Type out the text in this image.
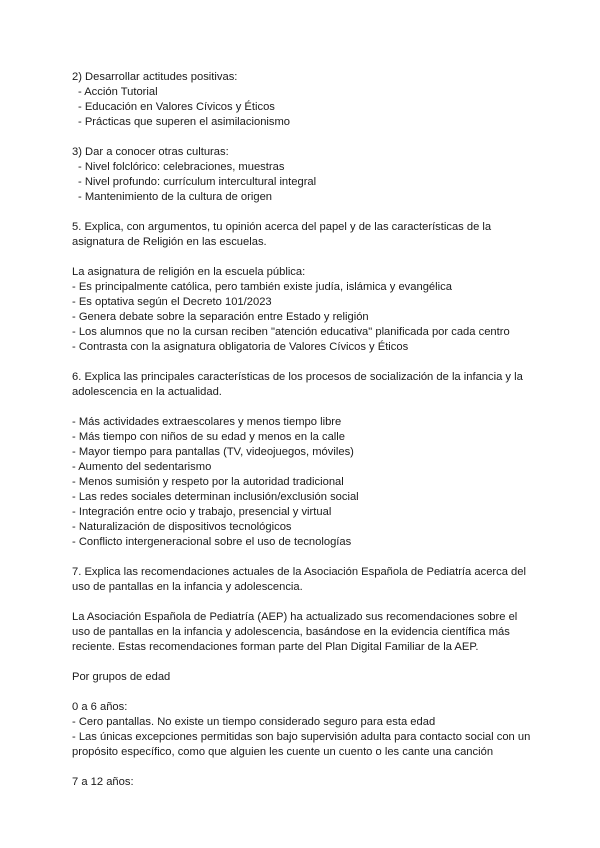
2) Desarrollar actitudes positivas:
- Acción Tutorial
- Educación en Valores Cívicos y Éticos
- Prácticas que superen el asimilacionismo
3) Dar a conocer otras culturas:
- Nivel folclórico: celebraciones, muestras
- Nivel profundo: currículum intercultural integral
- Mantenimiento de la cultura de origen
5. Explica, con argumentos, tu opinión acerca del papel y de las características de la
asignatura de Religión en las escuelas.
La asignatura de religión en la escuela pública:
- Es principalmente católica, pero también existe judía, islámica y evangélica
- Es optativa según el Decreto 101/2023
- Genera debate sobre la separación entre Estado y religión
- Los alumnos que no la cursan reciben "atención educativa" planificada por cada centro
- Contrasta con la asignatura obligatoria de Valores Cívicos y Éticos
6. Explica las principales características de los procesos de socialización de la infancia y la
adolescencia en la actualidad.
- Más actividades extraescolares y menos tiempo libre
- Más tiempo con niños de su edad y menos en la calle
- Mayor tiempo para pantallas (TV, videojuegos, móviles)
- Aumento del sedentarismo
- Menos sumisión y respeto por la autoridad tradicional
- Las redes sociales determinan inclusión/exclusión social
- Integración entre ocio y trabajo, presencial y virtual
- Naturalización de dispositivos tecnológicos
- Conflicto intergeneracional sobre el uso de tecnologías
7. Explica las recomendaciones actuales de la Asociación Española de Pediatría acerca del
uso de pantallas en la infancia y adolescencia.
La Asociación Española de Pediatría (AEP) ha actualizado sus recomendaciones sobre el
uso de pantallas en la infancia y adolescencia, basándose en la evidencia científica más
reciente. Estas recomendaciones forman parte del Plan Digital Familiar de la AEP.
Por grupos de edad
0 a 6 años:
- Cero pantallas. No existe un tiempo considerado seguro para esta edad
- Las únicas excepciones permitidas son bajo supervisión adulta para contacto social con un
propósito específico, como que alguien les cuente un cuento o les cante una canción
7 a 12 años:
